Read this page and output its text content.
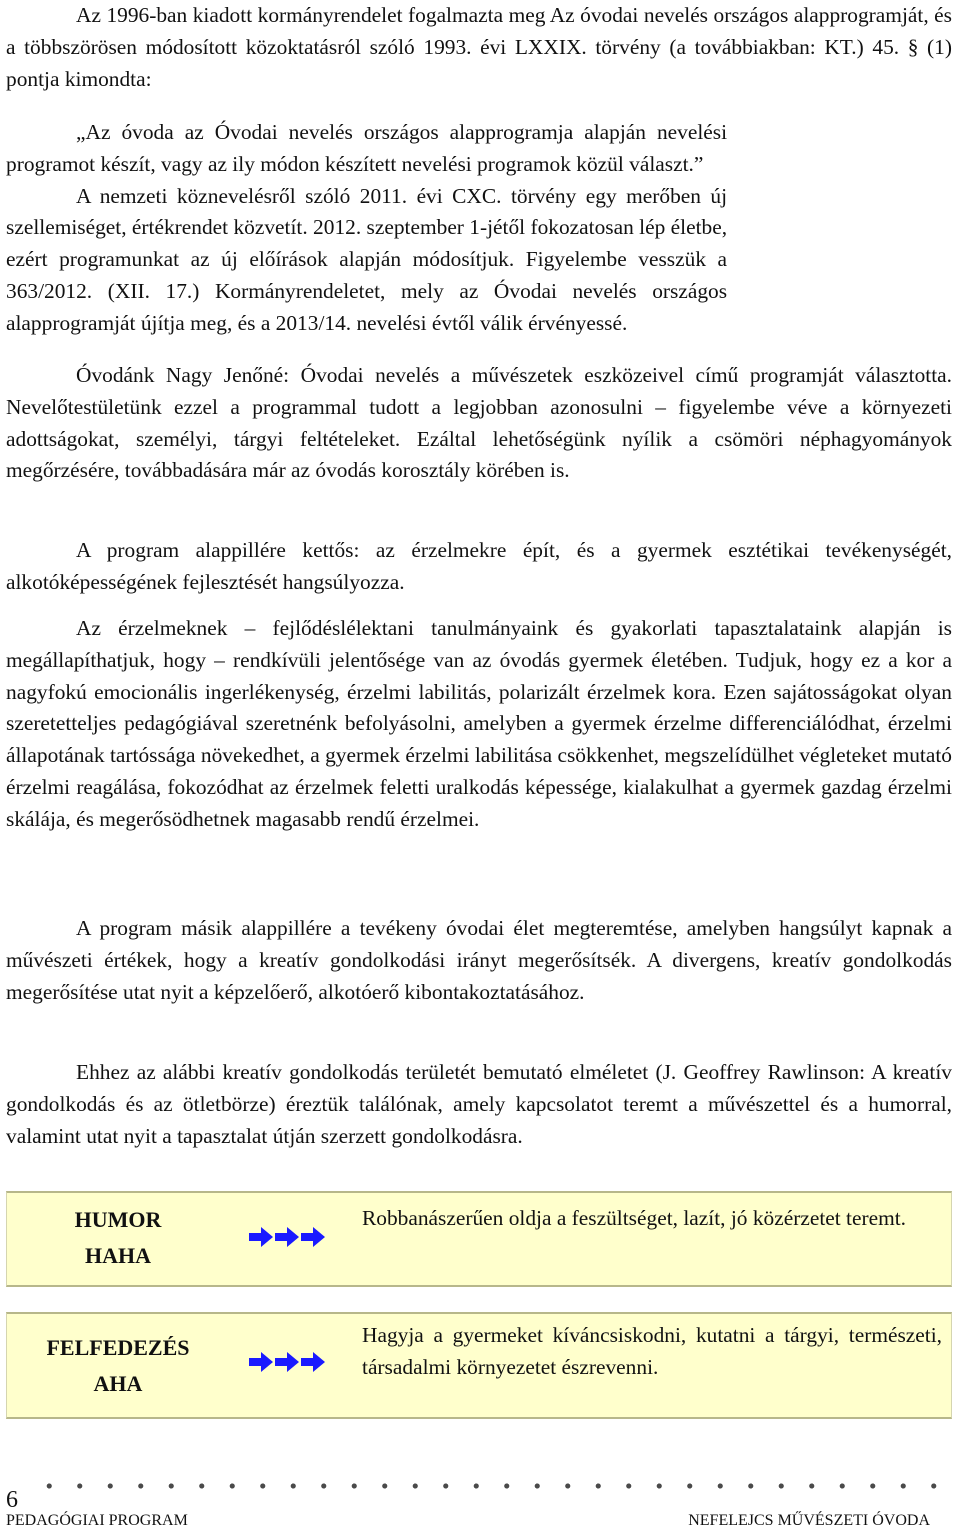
Az 1996-ban kiadott kormányrendelet fogalmazta meg Az óvodai nevelés országos alapprogramját, és a többszörösen módosított közoktatásról szóló 1993. évi LXXIX. törvény (a továbbiakban: KT.) 45. § (1) pontja kimondta:

„Az óvoda az Óvodai nevelés országos alapprogramja alapján nevelési
programot készít, vagy az ily módon készített nevelési programok közül választ.”
A nemzeti köznevelésről szóló 2011. évi CXC. törvény egy merőben új
szellemiséget, értékrendet közvetít. 2012. szeptember 1-jétől fokozatosan lép életbe,
ezért programunkat az új előírások alapján módosítjuk. Figyelembe vesszük a
363/2012. (XII. 17.) Kormányrendeletet, mely az Óvodai nevelés országos
alapprogramját újítja meg, és a 2013/14. nevelési évtől válik érvényessé.

Óvodánk Nagy Jenőné: Óvodai nevelés a művészetek eszközeivel című programját választotta. Nevelőtestületünk ezzel a programmal tudott a legjobban azonosulni – figyelembe véve a környezeti adottságokat, személyi, tárgyi feltételeket. Ezáltal lehetőségünk nyílik a csömöri néphagyományok megőrzésére, továbbadására már az óvodás korosztály körében is.

A program alappillére kettős: az érzelmekre épít, és a gyermek esztétikai tevékenységét, alkotóképességének fejlesztését hangsúlyozza.

Az érzelmeknek – fejlődéslélektani tanulmányaink és gyakorlati tapasztalataink alapján is megállapíthatjuk, hogy – rendkívüli jelentősége van az óvodás gyermek életében. Tudjuk, hogy ez a kor a nagyfokú emocionális ingerlékenység, érzelmi labilitás, polarizált érzelmek kora. Ezen sajátosságokat olyan szeretetteljes pedagógiával szeretnénk befolyásolni, amelyben a gyermek érzelme differenciálódhat, érzelmi állapotának tartóssága növekedhet, a gyermek érzelmi labilitása csökkenhet, megszelídülhet végleteket mutató érzelmi reagálása, fokozódhat az érzelmek feletti uralkodás képessége, kialakulhat a gyermek gazdag érzelmi skálája, és megerősödhetnek magasabb rendű érzelmei.

A program másik alappillére a tevékeny óvodai élet megteremtése, amelyben hangsúlyt kapnak a művészeti értékek, hogy a kreatív gondolkodási irányt megerősítsék. A divergens, kreatív gondolkodás megerősítése utat nyit a képzelőerő, alkotóerő kibontakoztatásához.

Ehhez az alábbi kreatív gondolkodás területét bemutató elméletet (J. Geoffrey Rawlinson: A kreatív gondolkodás és az ötletbörze) éreztük találónak, amely kapcsolatot teremt a művészettel és a humorral, valamint utat nyit a tapasztalat útján szerzett gondolkodásra.

HUMOR
HAHA
Robbanászerűen oldja a feszültséget, lazít, jó közérzetet teremt.
FELFEDEZÉS
AHA
Hagyja a gyermeket kíváncsiskodni, kutatni a tárgyi, természeti, társadalmi környezetet észrevenni.
6
PEDAGÓGIAI PROGRAM	NEFELEJCS MŰVÉSZETI ÓVODA
